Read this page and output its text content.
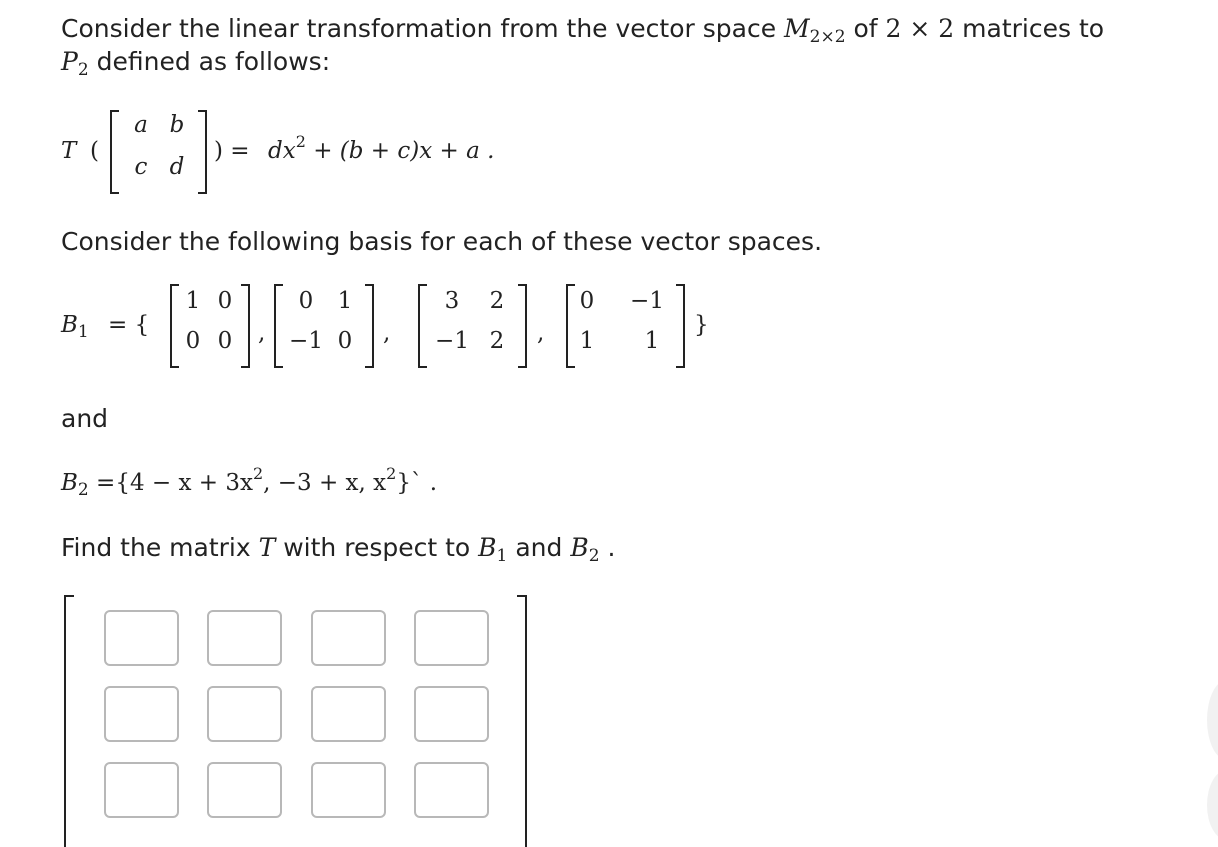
Consider the linear transformation from the vector space $M_{2\times 2}$ of 2 × 2 matrices to
$P_2$ defined as follows:
T (
a b
c d
) = $dx^2 + (b + c)x + a$ .
Consider the following basis for each of these vector spaces.
$B_1$ = {
1 0
0 0	,
0	1
−1 0	,
3	2
−1 2	,
0	−1
1	1
}
and
$B_2 =\{4 - x + 3x^2$, −3 + x, $x^2\}`$ .
Find the matrix T with respect to $B_1$ and $B_2$ .
